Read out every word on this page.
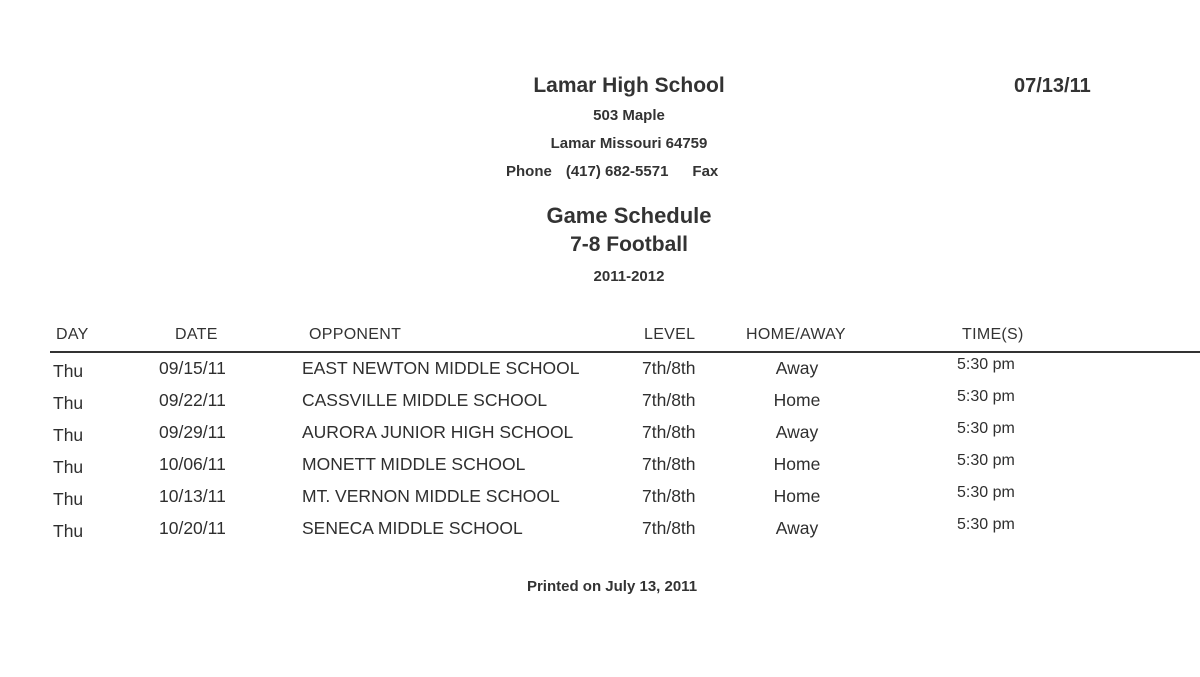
Lamar High School
503 Maple
Lamar Missouri 64759
Phone (417) 682-5571 Fax
07/13/11
Game Schedule
7-8 Football
2011-2012
DAY	DATE	OPPONENT	LEVEL	HOME/AWAY	TIME(S)
Thu	09/15/11	EAST NEWTON MIDDLE SCHOOL	7th/8th	Away	5:30 pm
Thu	09/22/11	CASSVILLE MIDDLE SCHOOL	7th/8th	Home	5:30 pm
Thu	09/29/11	AURORA JUNIOR HIGH SCHOOL	7th/8th	Away	5:30 pm
Thu	10/06/11	MONETT MIDDLE SCHOOL	7th/8th	Home	5:30 pm
Thu	10/13/11	MT. VERNON MIDDLE SCHOOL	7th/8th	Home	5:30 pm
Thu	10/20/11	SENECA MIDDLE SCHOOL	7th/8th	Away	5:30 pm
Printed on July 13, 2011
